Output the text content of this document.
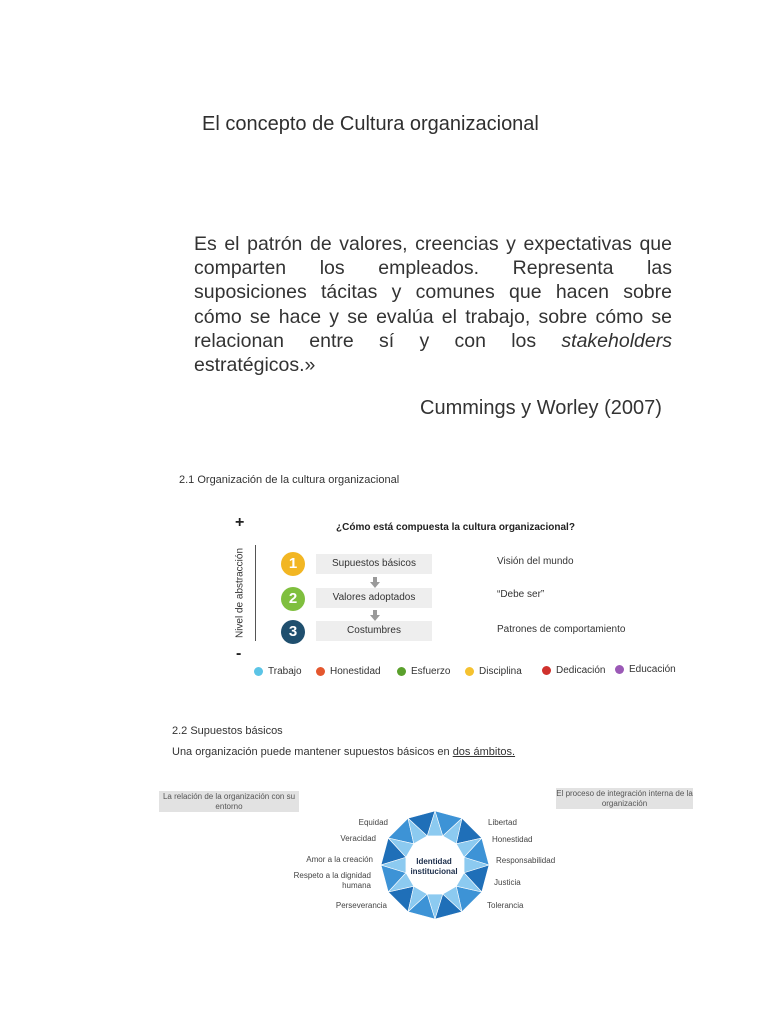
El concepto de Cultura organizacional
Es el patrón de valores, creencias y expectativas que comparten los empleados. Representa las suposiciones tácitas y comunes que hacen sobre cómo se hace y se evalúa el trabajo, sobre cómo se relacionan entre sí y con los stakeholders estratégicos.»
Cummings y Worley (2007)
2.1 Organización de la cultura organizacional
+
-
Nivel de abstracción
¿Cómo está compuesta la cultura organizacional?
1	Supuestos básicos	Visión del mundo
2	Valores adoptados	“Debe ser”
3	Costumbres	Patrones de comportamiento
Trabajo	Honestidad	Esfuerzo	Disciplina	Dedicación Educación
2.2 Supuestos básicos
Una organización puede mantener supuestos básicos en dos ámbitos.
La relación de la organización con su entorno
El proceso de integración interna de la organización
Identidad institucional
Equidad
Veracidad
Amor a la creación
Respeto a la dignidad humana
Perseverancia
Libertad
Honestidad
Responsabilidad
Justicia
Tolerancia
